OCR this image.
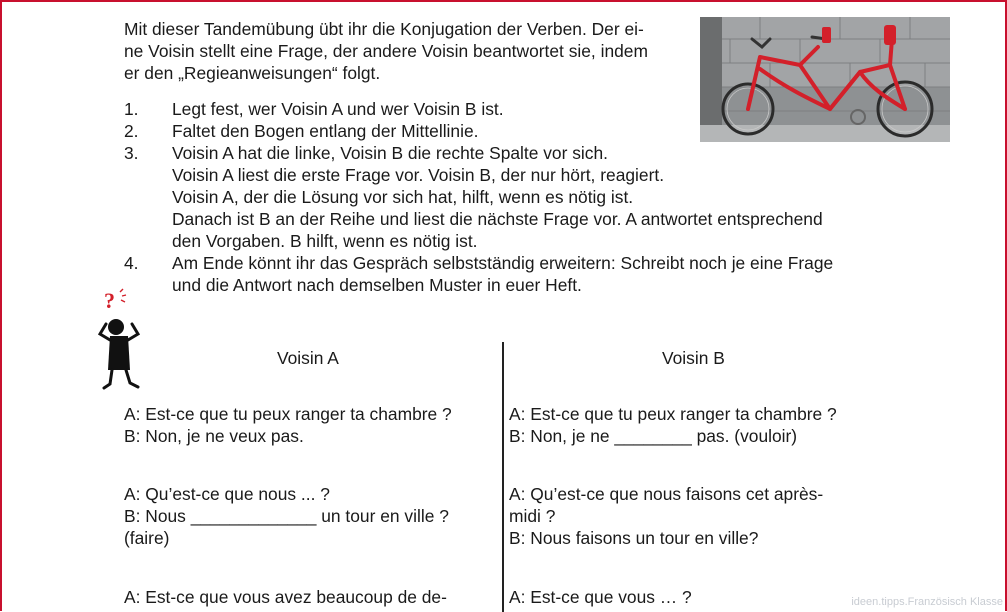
Mit dieser Tandemübung übt ihr die Konjugation der Verben. Der ei-
ne Voisin stellt eine Frage, der andere Voisin beantwortet sie, indem
er den „Regieanweisungen“ folgt.
1. Legt fest, wer Voisin A und wer Voisin B ist.
2. Faltet den Bogen entlang der Mittellinie.
3. Voisin A hat die linke, Voisin B die rechte Spalte vor sich.
Voisin A liest die erste Frage vor. Voisin B, der nur hört, reagiert.
Voisin A, der die Lösung vor sich hat, hilft, wenn es nötig ist.
Danach ist B an der Reihe und liest die nächste Frage vor. A antwortet entsprechend
den Vorgaben. B hilft, wenn es nötig ist.
4. Am Ende könnt ihr das Gespräch selbstständig erweitern: Schreibt noch je eine Frage
und die Antwort nach demselben Muster in euer Heft.
?
Voisin A	Voisin B
A: Est-ce que tu peux ranger ta chambre ?
B: Non, je ne veux pas.
A: Qu’est-ce que nous ... ?
B: Nous _____________ un tour en ville ?
(faire)
A: Est-ce que vous avez beaucoup de de-
A: Est-ce que tu peux ranger ta chambre ?
B: Non, je ne ________ pas. (vouloir)
A: Qu’est-ce que nous faisons cet après-
midi ?
B: Nous faisons un tour en ville?
A: Est-ce que vous … ?	ideen.tipps.Französisch Klasse
